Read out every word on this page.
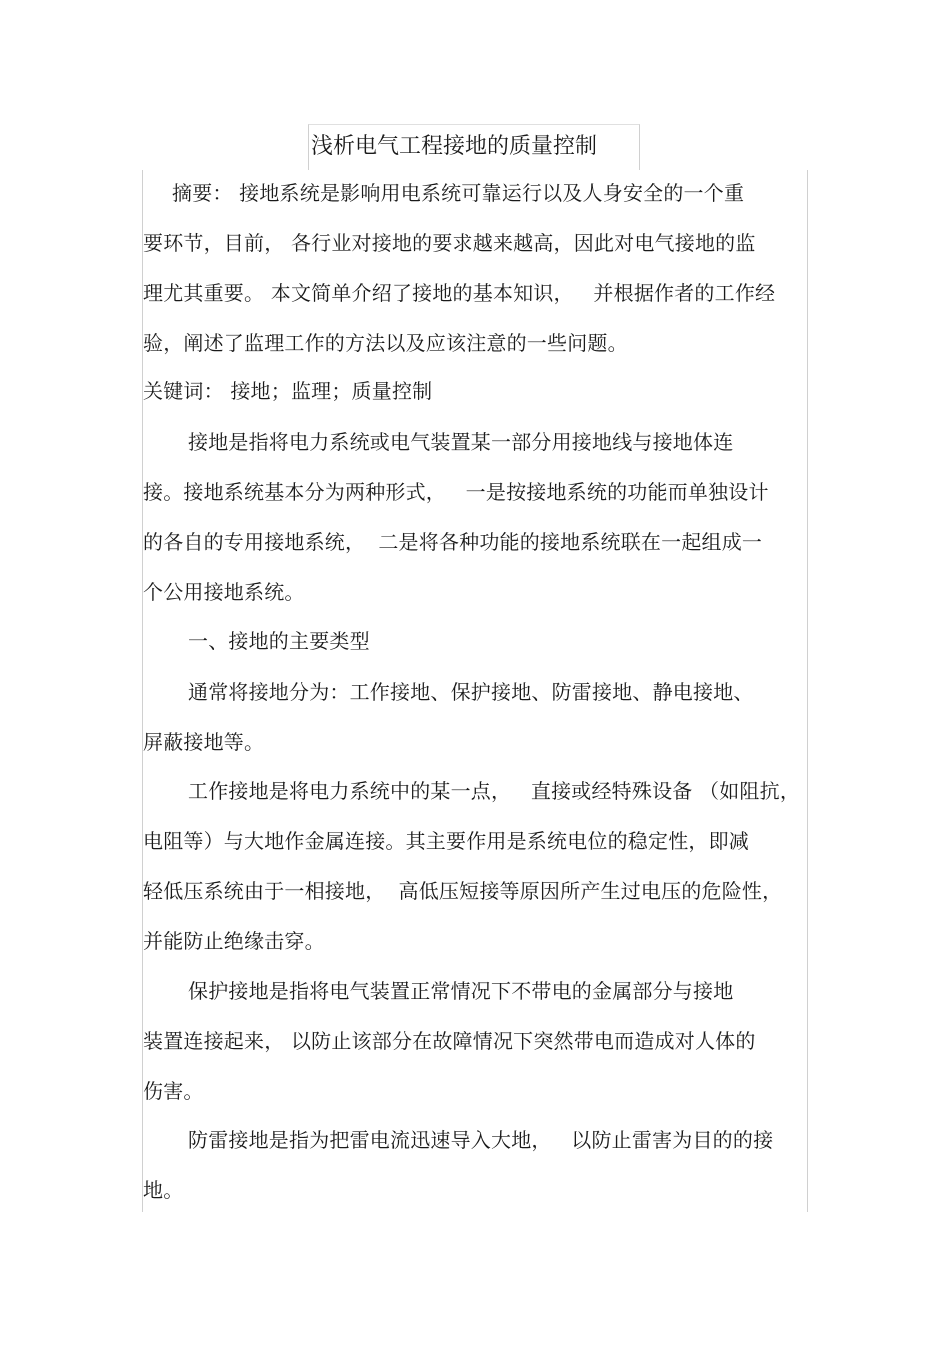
浅析电气工程接地的质量控制
摘要： 接地系统是影响用电系统可靠运行以及人身安全的一个重
要环节，目前， 各行业对接地的要求越来越高，因此对电气接地的监
理尤其重要。 本文简单介绍了接地的基本知识，   并根据作者的工作经
验，阐述了监理工作的方法以及应该注意的一些问题。
关键词： 接地；监理；质量控制
接地是指将电力系统或电气装置某一部分用接地线与接地体连
接。接地系统基本分为两种形式，   一是按接地系统的功能而单独设计
的各自的专用接地系统，  二是将各种功能的接地系统联在一起组成一
个公用接地系统。
一、接地的主要类型
通常将接地分为：工作接地、保护接地、防雷接地、静电接地、
屏蔽接地等。
工作接地是将电力系统中的某一点，   直接或经特殊设备 （如阻抗，
电阻等）与大地作金属连接。其主要作用是系统电位的稳定性，即减
轻低压系统由于一相接地，  高低压短接等原因所产生过电压的危险性，
并能防止绝缘击穿。
保护接地是指将电气装置正常情况下不带电的金属部分与接地
装置连接起来， 以防止该部分在故障情况下突然带电而造成对人体的
伤害。
防雷接地是指为把雷电流迅速导入大地，   以防止雷害为目的的接
地。
